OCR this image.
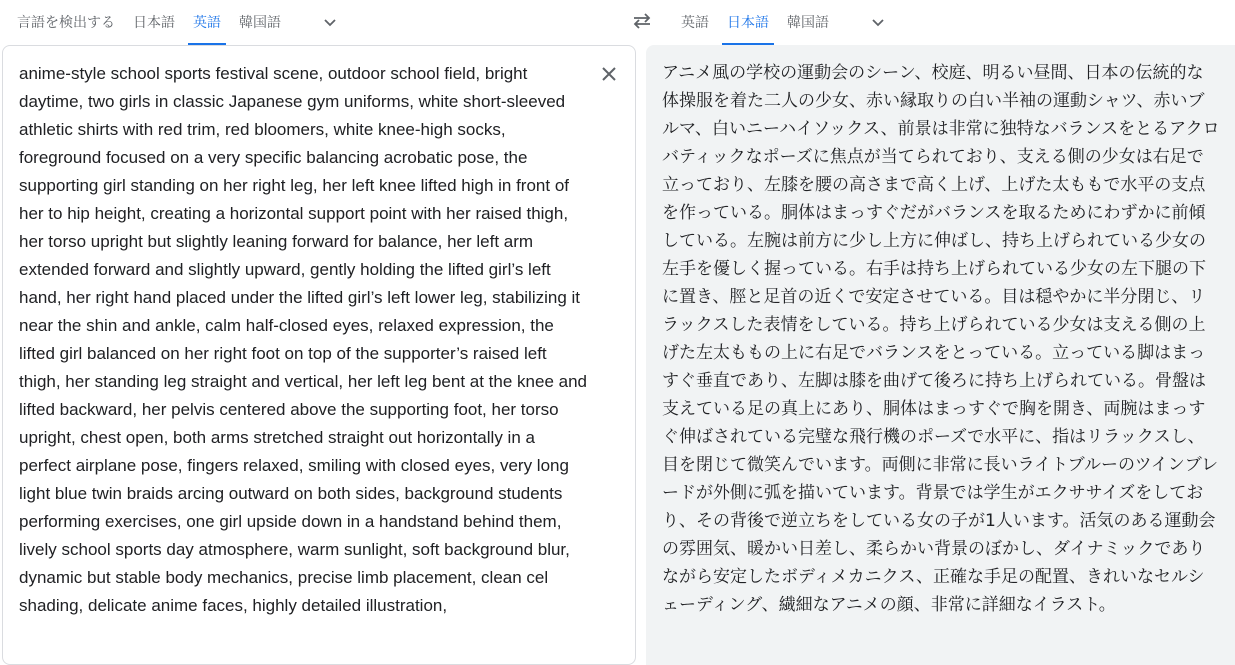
言語を検出する	日本語	英語	韓国語	英語	日本語	韓国語
anime-style school sports festival scene, outdoor school field, bright daytime, two girls in classic Japanese gym uniforms, white short-sleeved athletic shirts with red trim, red bloomers, white knee-high socks, foreground focused on a very specific balancing acrobatic pose, the supporting girl standing on her right leg, her left knee lifted high in front of her to hip height, creating a horizontal support point with her raised thigh, her torso upright but slightly leaning forward for balance, her left arm extended forward and slightly upward, gently holding the lifted girl’s left hand, her right hand placed under the lifted girl’s left lower leg, stabilizing it near the shin and ankle, calm half-closed eyes, relaxed expression, the lifted girl balanced on her right foot on top of the supporter’s raised left thigh, her standing leg straight and vertical, her left leg bent at the knee and lifted backward, her pelvis centered above the supporting foot, her torso upright, chest open, both arms stretched straight out horizontally in a perfect airplane pose, fingers relaxed, smiling with closed eyes, very long light blue twin braids arcing outward on both sides, background students performing exercises, one girl upside down in a handstand behind them, lively school sports day atmosphere, warm sunlight, soft background blur, dynamic but stable body mechanics, precise limb placement, clean cel shading, delicate anime faces, highly detailed illustration,
アニメ風の学校の運動会のシーン、校庭、明るい昼間、日本の伝統的な体操服を着た二人の少女、赤い縁取りの白い半袖の運動シャツ、赤いブルマ、白いニーハイソックス、前景は非常に独特なバランスをとるアクロバティックなポーズに焦点が当てられており、支える側の少女は右足で立っており、左膝を腰の高さまで高く上げ、上げた太ももで水平の支点を作っている。胴体はまっすぐだがバランスを取るためにわずかに前傾している。左腕は前方に少し上方に伸ばし、持ち上げられている少女の左手を優しく握っている。右手は持ち上げられている少女の左下腿の下に置き、脛と足首の近くで安定させている。目は穏やかに半分閉じ、リラックスした表情をしている。持ち上げられている少女は支える側の上げた左太ももの上に右足でバランスをとっている。立っている脚はまっすぐ垂直であり、左脚は膝を曲げて後ろに持ち上げられている。骨盤は支えている足の真上にあり、胴体はまっすぐで胸を開き、両腕はまっすぐ伸ばされている完璧な飛行機のポーズで水平に、指はリラックスし、目を閉じて微笑んでいます。両側に非常に長いライトブルーのツインブレードが外側に弧を描いています。背景では学生がエクササイズをしており、その背後で逆立ちをしている女の子が1人います。活気のある運動会の雰囲気、暖かい日差し、柔らかい背景のぼかし、ダイナミックでありながら安定したボディメカニクス、正確な手足の配置、きれいなセルシェーディング、繊細なアニメの顔、非常に詳細なイラスト。
